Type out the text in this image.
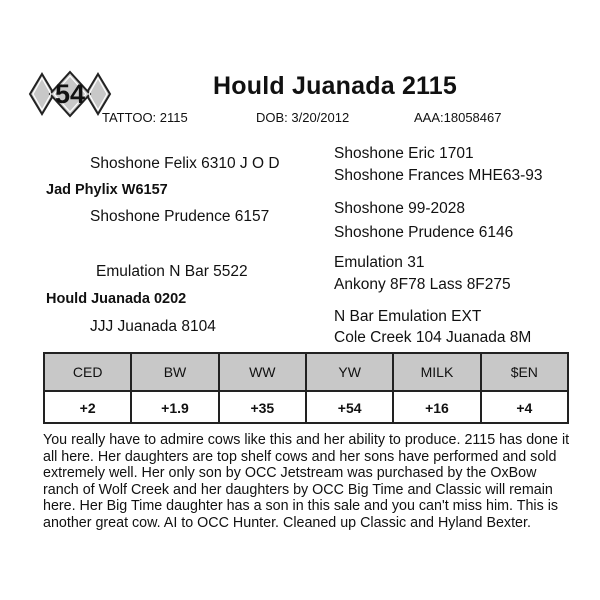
54	Hould Juanada 2115
TATTOO: 2115	DOB: 3/20/2012	AAA:18058467
Shoshone Felix 6310 J O D
Jad Phylix W6157
Shoshone Prudence 6157
Emulation N Bar 5522
Hould Juanada 0202
JJJ Juanada 8104
Shoshone Eric 1701
Shoshone Frances MHE63-93
Shoshone 99-2028
Shoshone Prudence 6146
Emulation 31
Ankony 8F78 Lass 8F275
N Bar Emulation EXT
Cole Creek 104 Juanada 8M
CED	BW	WW	YW	MILK	$EN
+2	+1.9	+35	+54	+16	+4

You really have to admire cows like this and her ability to produce. 2115 has done it all here. Her daughters are top shelf cows and her sons have performed and sold extremely well. Her only son by OCC Jetstream was purchased by the OxBow ranch of Wolf Creek and her daughters by OCC Big Time and Classic will remain here. Her Big Time daughter has a son in this sale and you can't miss him. This is another great cow. AI to OCC Hunter. Cleaned up Classic and Hyland Bexter.
